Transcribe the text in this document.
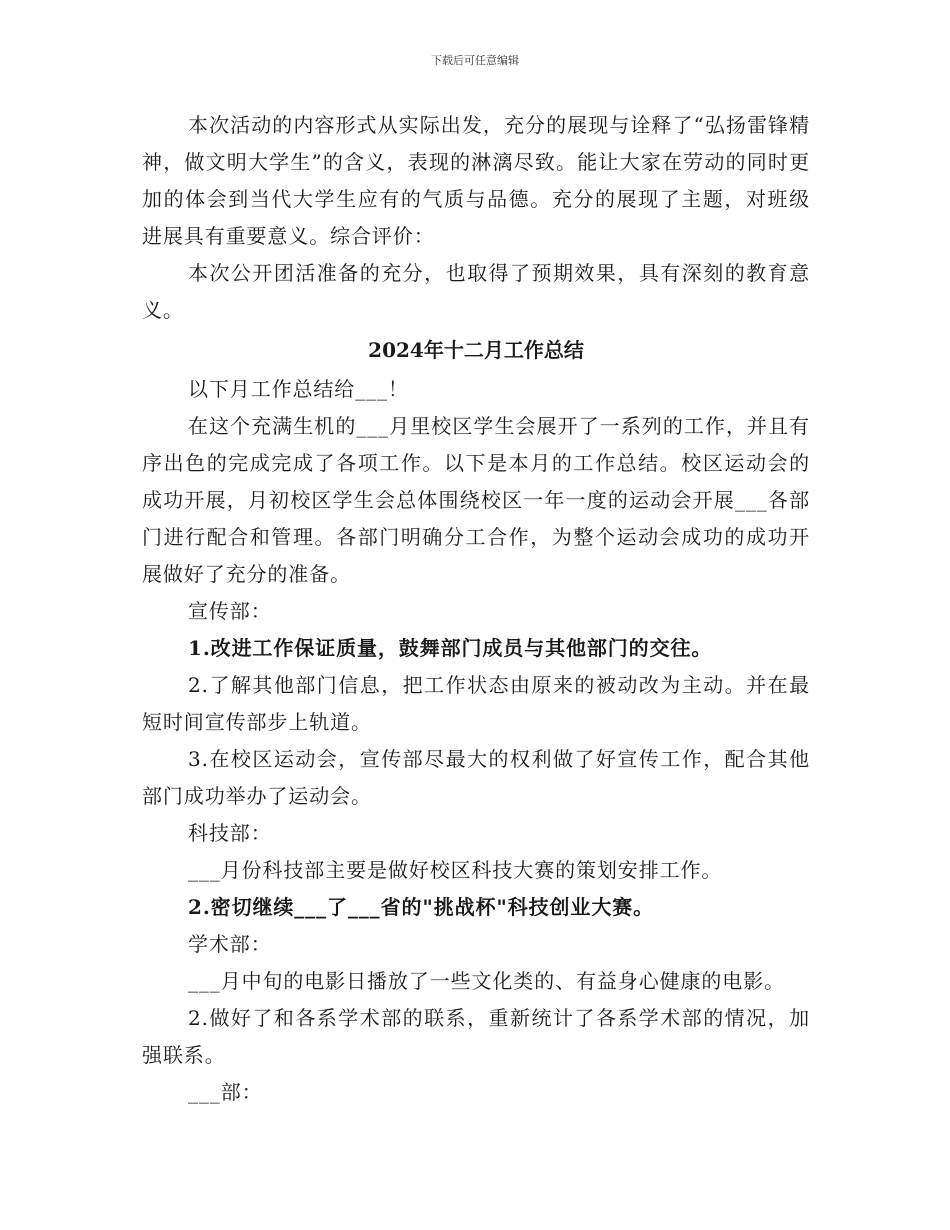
下载后可任意编辑

本次活动的内容形式从实际出发，充分的展现与诠释了“弘扬雷锋精神，做文明大学生”的含义，表现的淋漓尽致。能让大家在劳动的同时更加的体会到当代大学生应有的气质与品德。充分的展现了主题，对班级进展具有重要意义。综合评价：

本次公开团活准备的充分，也取得了预期效果，具有深刻的教育意义。

2024年十二月工作总结

以下月工作总结给___！

在这个充满生机的___月里校区学生会展开了一系列的工作，并且有序出色的完成完成了各项工作。以下是本月的工作总结。校区运动会的成功开展，月初校区学生会总体围绕校区一年一度的运动会开展___各部门进行配合和管理。各部门明确分工合作，为整个运动会成功的成功开展做好了充分的准备。

宣传部：

1.改进工作保证质量，鼓舞部门成员与其他部门的交往。

2.了解其他部门信息，把工作状态由原来的被动改为主动。并在最短时间宣传部步上轨道。

3.在校区运动会，宣传部尽最大的权利做了好宣传工作，配合其他部门成功举办了运动会。

科技部：

___月份科技部主要是做好校区科技大赛的策划安排工作。

2.密切继续___了___省的"挑战杯"科技创业大赛。

学术部：

___月中旬的电影日播放了一些文化类的、有益身心健康的电影。

2.做好了和各系学术部的联系，重新统计了各系学术部的情况，加强联系。

___部：
